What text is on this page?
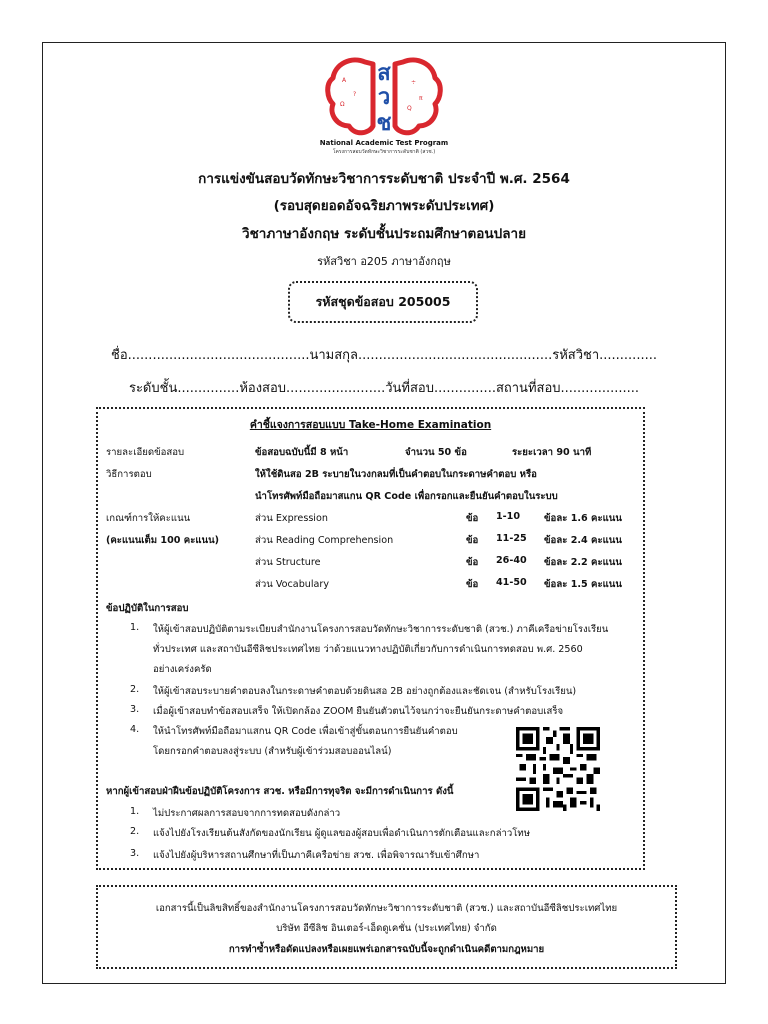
A
?
Ω
÷
π
Q
ส
ว
ช
National Academic Test Program
โครงการสอบวัดทักษะวิชาการระดับชาติ (สวช.)
การแข่งขันสอบวัดทักษะวิชาการระดับชาติ ประจำปี พ.ศ. 2564
(รอบสุดยอดอัจฉริยภาพระดับประเทศ)
วิชาภาษาอังกฤษ ระดับชั้นประถมศึกษาตอนปลาย
รหัสวิชา อ205 ภาษาอังกฤษ
รหัสชุดข้อสอบ 205005
ชื่อ............................................นามสกุล...............................................รหัสวิชา..............
ระดับชั้น...............ห้องสอบ........................วันที่สอบ...............สถานที่สอบ...................
คำชี้แจงการสอบแบบ Take-Home Examination
รายละเอียดข้อสอบ	ข้อสอบฉบับนี้มี 8 หน้า	จำนวน 50 ข้อ	ระยะเวลา 90 นาที
วิธีการตอบ	ให้ใช้ดินสอ 2B ระบายในวงกลมที่เป็นคำตอบในกระดาษคำตอบ หรือ
นำโทรศัพท์มือถือมาสแกน QR Code เพื่อกรอกและยืนยันคำตอบในระบบ
เกณฑ์การให้คะแนน
(คะแนนเต็ม 100 คะแนน)
ส่วน Expression	ข้อ 1-10 ข้อละ 1.6 คะแนน
ส่วน Reading Comprehension	ข้อ 11-25 ข้อละ 2.4 คะแนน
ส่วน Structure	ข้อ 26-40 ข้อละ 2.2 คะแนน
ส่วน Vocabulary	ข้อ 41-50 ข้อละ 1.5 คะแนน
ข้อปฏิบัติในการสอบ
1. ให้ผู้เข้าสอบปฏิบัติตามระเบียบสำนักงานโครงการสอบวัดทักษะวิชาการระดับชาติ (สวช.) ภาคีเครือข่ายโรงเรียน
ทั่วประเทศ และสถาบันอีซีลิชประเทศไทย ว่าด้วยแนวทางปฏิบัติเกี่ยวกับการดำเนินการทดสอบ พ.ศ. 2560
อย่างเคร่งครัด
2. ให้ผู้เข้าสอบระบายคำตอบลงในกระดาษคำตอบด้วยดินสอ 2B อย่างถูกต้องและชัดเจน (สำหรับโรงเรียน)
3. เมื่อผู้เข้าสอบทำข้อสอบเสร็จ ให้เปิดกล้อง ZOOM ยืนยันตัวตนไว้จนกว่าจะยืนยันกระดาษคำตอบเสร็จ
4. ให้นำโทรศัพท์มือถือมาแสกน QR Code เพื่อเข้าสู่ขั้นตอนการยืนยันคำตอบ
โดยกรอกคำตอบลงสู่ระบบ (สำหรับผู้เข้าร่วมสอบออนไลน์)
หากผู้เข้าสอบฝ่าฝืนข้อปฏิบัติโครงการ สวช. หรือมีการทุจริต จะมีการดำเนินการ ดังนี้
1. ไม่ประกาศผลการสอบจากการทดสอบดังกล่าว
2. แจ้งไปยังโรงเรียนต้นสังกัดของนักเรียน ผู้ดูแลของผู้สอบเพื่อดำเนินการตักเตือนและกล่าวโทษ
3. แจ้งไปยังผู้บริหารสถานศึกษาที่เป็นภาคีเครือข่าย สวช. เพื่อพิจารณารับเข้าศึกษา
เอกสารนี้เป็นลิขสิทธิ์ของสำนักงานโครงการสอบวัดทักษะวิชาการระดับชาติ (สวช.) และสถาบันอีซีลิชประเทศไทย
บริษัท อีซีลิช อินเตอร์-เอ็ดดูเคชั่น (ประเทศไทย) จำกัด
การทำซ้ำหรือดัดแปลงหรือเผยแพร่เอกสารฉบับนี้จะถูกดำเนินคดีตามกฎหมาย
